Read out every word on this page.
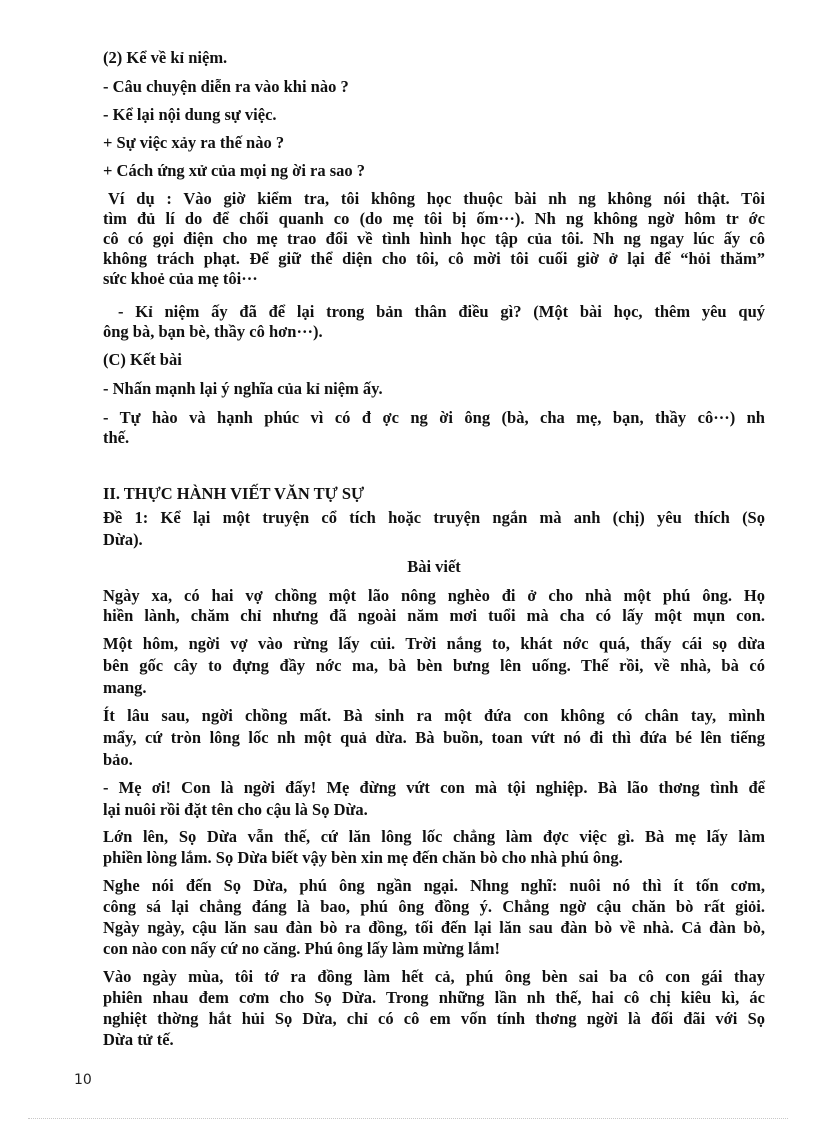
(2) Kể về kỉ niệm.
- Câu chuyện diễn ra vào khi nào ?
- Kể lại nội dung sự việc.
+ Sự việc xảy ra thế nào ?
+ Cách ứng xử của mọi ng ời ra sao ?
Ví dụ : Vào giờ kiểm tra, tôi không học thuộc bài nh ng không nói thật. Tôi
tìm đủ lí do để chối quanh co (do mẹ tôi bị ốm···). Nh ng không ngờ hôm tr ớc
cô có gọi điện cho mẹ trao đổi về tình hình học tập của tôi. Nh ng ngay lúc ấy cô
không trách phạt. Để giữ thể diện cho tôi, cô mời tôi cuối giờ ở lại để “hỏi thăm”
sức khoẻ của mẹ tôi···
- Kỉ niệm ấy đã để lại trong bản thân điều gì? (Một bài học, thêm yêu quý
ông bà, bạn bè, thầy cô hơn···).
(C) Kết bài
- Nhấn mạnh lại ý nghĩa của kỉ niệm ấy.
- Tự hào và hạnh phúc vì có đ ợc ng ời ông (bà, cha mẹ, bạn, thầy cô···) nh
thế.
II. THỰC HÀNH VIẾT VĂN TỰ SỰ
Đề 1: Kể lại một truyện cổ tích hoặc truyện ngắn mà anh (chị) yêu thích (Sọ
Dừa).
Bài viết
Ngày xa, có hai vợ chồng một lão nông nghèo đi ở cho nhà một phú ông. Họ
hiền lành, chăm chỉ nhưng đã ngoài năm mơi tuổi mà cha có lấy một mụn con.
Một hôm, ngời vợ vào rừng lấy củi. Trời nắng to, khát nớc quá, thấy cái sọ dừa
bên gốc cây to đựng đầy nớc ma, bà bèn bưng lên uống. Thế rồi, về nhà, bà có
mang.
Ít lâu sau, ngời chồng mất. Bà sinh ra một đứa con không có chân tay, mình
mẩy, cứ tròn lông lốc nh một quả dừa. Bà buồn, toan vứt nó đi thì đứa bé lên tiếng
bảo.
- Mẹ ơi! Con là ngời đấy! Mẹ đừng vứt con mà tội nghiệp. Bà lão thơng tình để
lại nuôi rồi đặt tên cho cậu là Sọ Dừa.
Lớn lên, Sọ Dừa vẫn thế, cứ lăn lông lốc chẳng làm đợc việc gì. Bà mẹ lấy làm
phiền lòng lắm. Sọ Dừa biết vậy bèn xin mẹ đến chăn bò cho nhà phú ông.
Nghe nói đến Sọ Dừa, phú ông ngần ngại. Nhng nghĩ: nuôi nó thì ít tốn cơm,
công sá lại chẳng đáng là bao, phú ông đồng ý. Chẳng ngờ cậu chăn bò rất giỏi.
Ngày ngày, cậu lăn sau đàn bò ra đồng, tối đến lại lăn sau đàn bò về nhà. Cả đàn bò,
con nào con nấy cứ no căng. Phú ông lấy làm mừng lắm!
Vào ngày mùa, tôi tớ ra đồng làm hết cả, phú ông bèn sai ba cô con gái thay
phiên nhau đem cơm cho Sọ Dừa. Trong những lần nh thế, hai cô chị kiêu kì, ác
nghiệt thờng hắt hủi Sọ Dừa, chỉ có cô em vốn tính thơng ngời là đối đãi với Sọ
Dừa tử tế.
10
